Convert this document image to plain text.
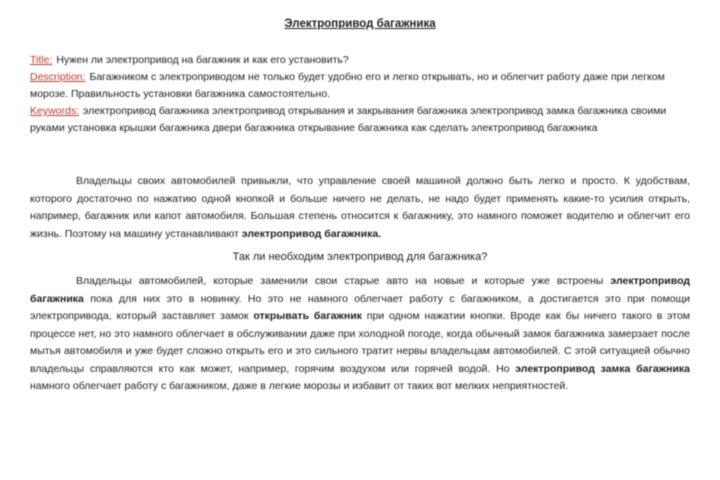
Электропривод багажника
Title: Нужен ли электропривод на багажник и как его установить?
Description: Багажником с электроприводом не только будет удобно его и легко открывать, но и облегчит работу даже при легком морозе. Правильность установки багажника самостоятельно.
Keywords: электропривод багажника электропривод открывания и закрывания багажника электропривод замка багажника своими руками установка крышки багажника двери багажника открывание багажника как сделать электропривод багажника
Владельцы своих автомобилей привыкли, что управление своей машиной должно быть легко и просто. К удобствам, которого достаточно по нажатию одной кнопкой и больше ничего не делать, не надо будет применять какие-то усилия открыть, например, багажник или капот автомобиля. Большая степень относится к багажнику, это намного поможет водителю и облегчит его жизнь. Поэтому на машину устанавливают электропривод багажника.
Так ли необходим электропривод для багажника?
Владельцы автомобилей, которые заменили свои старые авто на новые и которые уже встроены электропривод багажника пока для них это в новинку. Но это не намного облегчает работу с багажником, а достигается это при помощи электропривода, который заставляет замок открывать багажник при одном нажатии кнопки. Вроде как бы ничего такого в этом процессе нет, но это намного облегчает в обслуживании даже при холодной погоде, когда обычный замок багажника замерзает после мытья автомобиля и уже будет сложно открыть его и это сильного тратит нервы владельцам автомобилей. С этой ситуацией обычно владельцы справляются кто как может, например, горячим воздухом или горячей водой. Но электропривод замка багажника намного облегчает работу с багажником, даже в легкие морозы и избавит от таких вот мелких неприятностей.
